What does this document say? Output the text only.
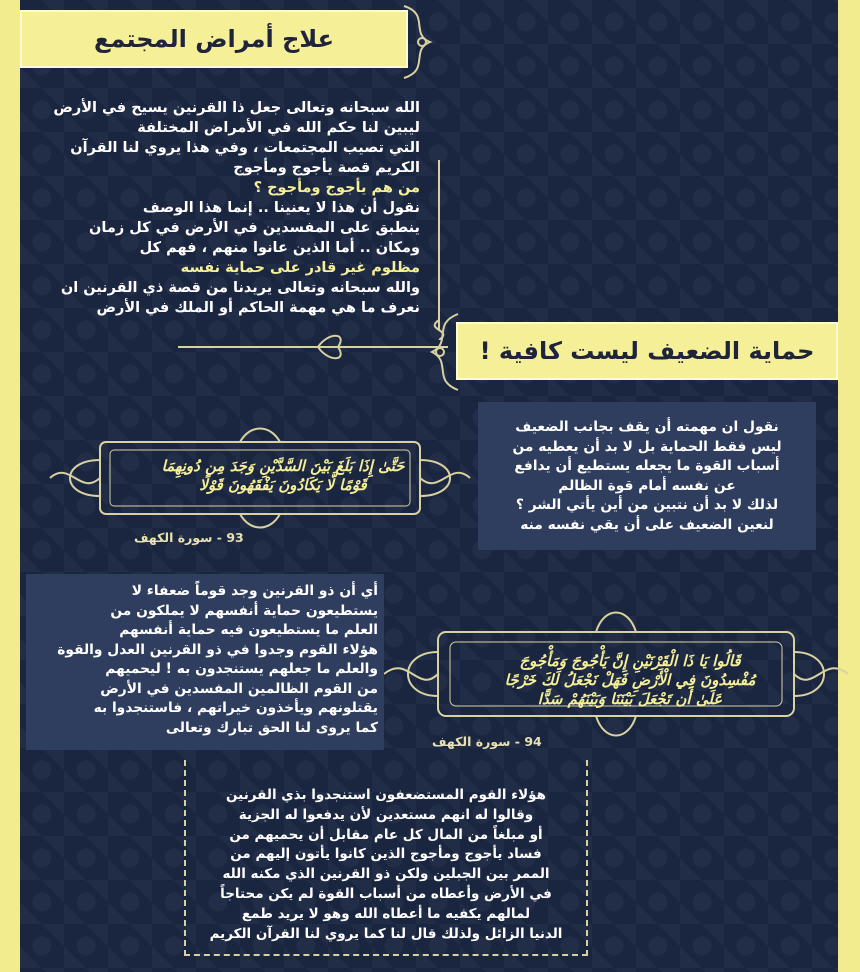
علاج أمراض المجتمع

الله سبحانه وتعالى جعل ذا القرنين يسيح في الأرض

ليبين لنا حكم الله في الأمراض المختلفة

التي تصيب المجتمعات ، وفي هذا يروي لنا القرآن

الكريم قصة يأجوج ومأجوج

من هم يأجوج ومأجوج ؟

نقول أن هذا لا يعنينا .. إنما هذا الوصف

ينطبق على المفسدين في الأرض في كل زمان

ومكان .. أما الذين عانوا منهم ، فهم كل

مظلوم غير قادر على حماية نفسه

والله سبحانه وتعالى يريدنا من قصة ذي القرنين ان

نعرف ما هي مهمة الحاكم أو الملك في الأرض

حماية الضعيف ليست كافية !
نقول ان مهمته أن يقف بجانب الضعيف
ليس فقط الحماية بل لا بد أن يعطيه من
أسباب القوة ما يجعله يستطيع أن يدافع
عن نفسه أمام قوة الظالم
لذلك لا بد أن نتبين من أين يأتي الشر ؟
لنعين الضعيف على أن يقي نفسه منه
حَتَّىٰ إِذَا بَلَغَ بَيْنَ السَّدَّيْنِ وَجَدَ مِن دُونِهِمَا
قَوْمًا لَّا يَكَادُونَ يَفْقَهُونَ قَوْلًا
93 - سورة الكهف
أي أن ذو القرنين وجد قوماً ضعفاء لا
يستطيعون حماية أنفسهم لا يملكون من
العلم ما يستطيعون فيه حماية أنفسهم
هؤلاء القوم وجدوا في ذو القرنين العدل والقوة
والعلم ما جعلهم يستنجدون به ! ليحميهم
من القوم الظالمين المفسدين في الأرض
يقتلونهم ويأخذون خيراتهم ، فاستنجدوا به
كما يروى لنا الحق تبارك وتعالى
قَالُوا يَا ذَا الْقَرْنَيْنِ إِنَّ يَأْجُوجَ وَمَأْجُوجَ
مُفْسِدُونَ فِي الْأَرْضِ فَهَلْ نَجْعَلُ لَكَ خَرْجًا
عَلَىٰ أَن تَجْعَلَ بَيْنَنَا وَبَيْنَهُمْ سَدًّا
94 - سورة الكهف
هؤلاء القوم المستضعفون استنجدوا بذي القرنين
وقالوا له انهم مستعدين لأن يدفعوا له الجزية
أو مبلغاً من المال كل عام مقابل أن يحميهم من
فساد يأجوج ومأجوج الذين كانوا يأتون إليهم من
الممر بين الجبلين ولكن ذو القرنين الذي مكنه الله
في الأرض وأعطاه من أسباب القوة لم يكن محتاجاً
لمالهم يكفيه ما أعطاه الله وهو لا يريد طمع
الدنيا الزائل ولذلك قال لنا كما يروي لنا القرآن الكريم
